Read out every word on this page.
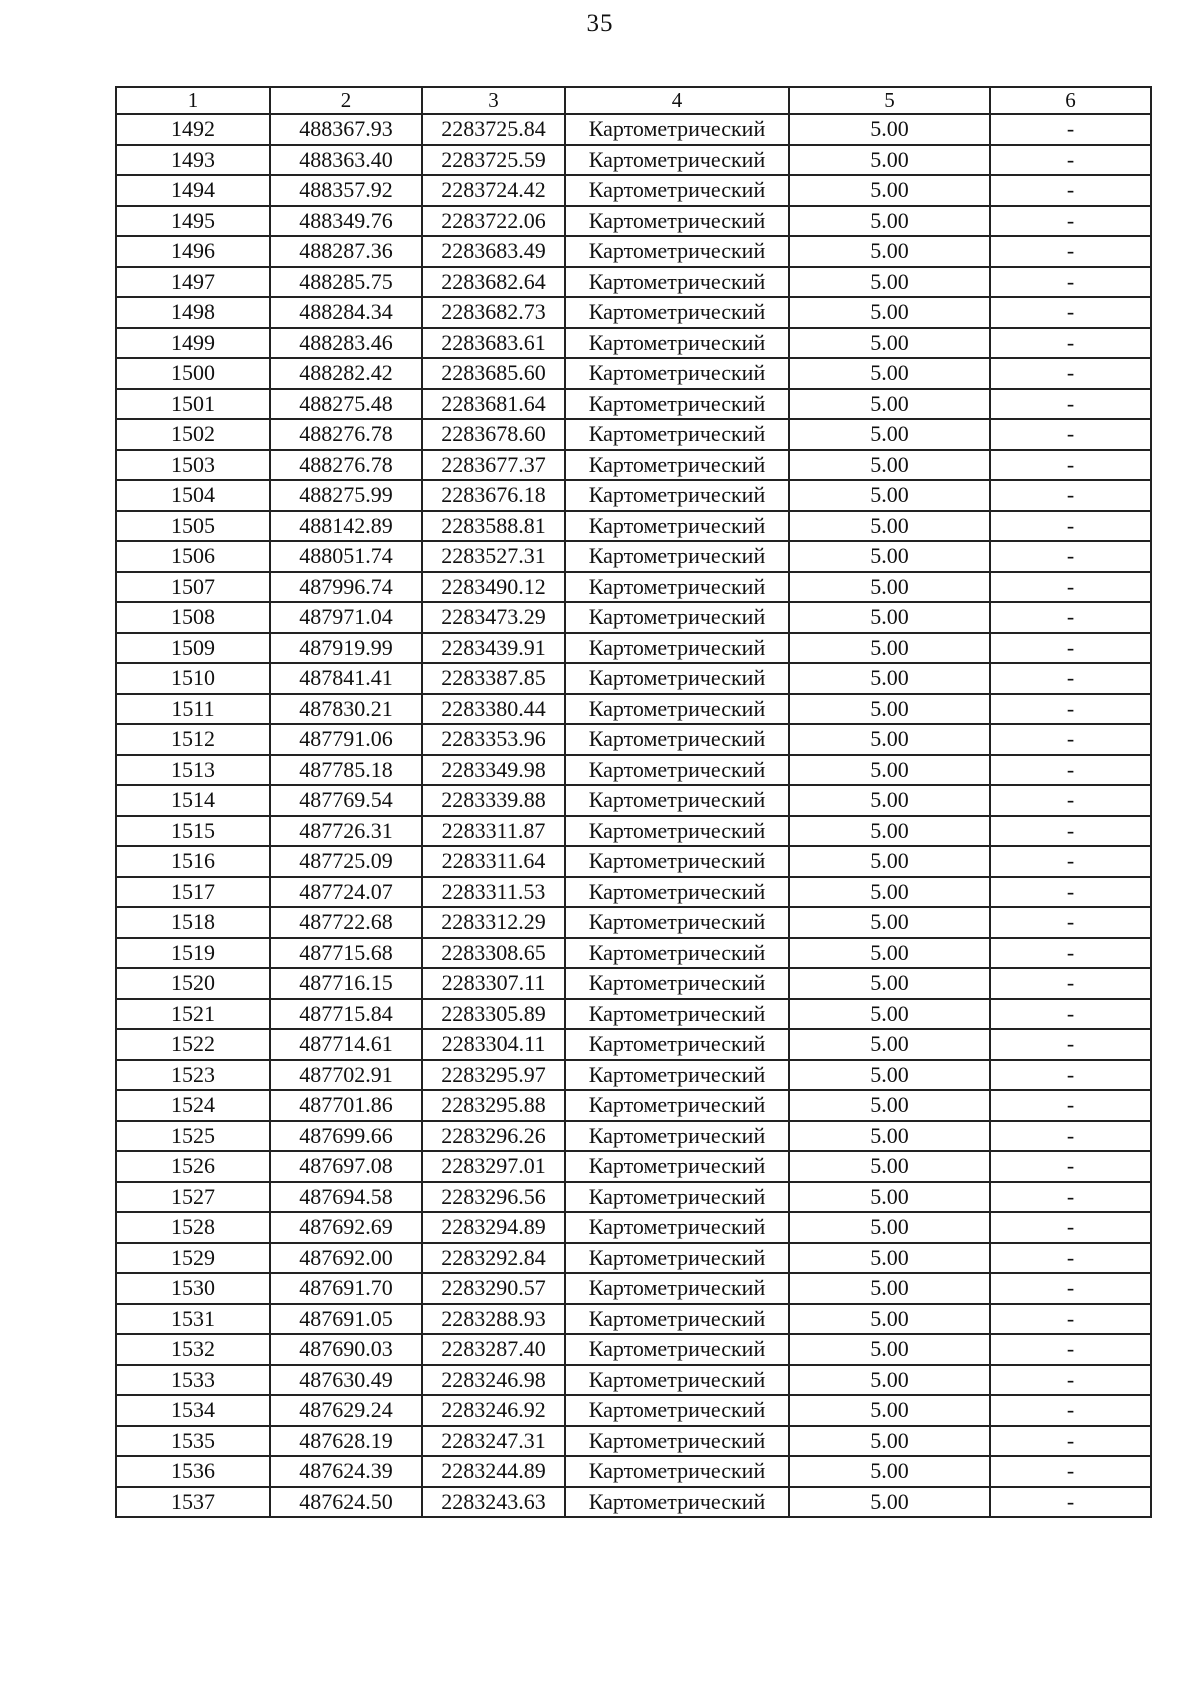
35
1	2	3	4	5	6
1492	488367.93	2283725.84	Картометрический	5.00	-
1493	488363.40	2283725.59	Картометрический	5.00	-
1494	488357.92	2283724.42	Картометрический	5.00	-
1495	488349.76	2283722.06	Картометрический	5.00	-
1496	488287.36	2283683.49	Картометрический	5.00	-
1497	488285.75	2283682.64	Картометрический	5.00	-
1498	488284.34	2283682.73	Картометрический	5.00	-
1499	488283.46	2283683.61	Картометрический	5.00	-
1500	488282.42	2283685.60	Картометрический	5.00	-
1501	488275.48	2283681.64	Картометрический	5.00	-
1502	488276.78	2283678.60	Картометрический	5.00	-
1503	488276.78	2283677.37	Картометрический	5.00	-
1504	488275.99	2283676.18	Картометрический	5.00	-
1505	488142.89	2283588.81	Картометрический	5.00	-
1506	488051.74	2283527.31	Картометрический	5.00	-
1507	487996.74	2283490.12	Картометрический	5.00	-
1508	487971.04	2283473.29	Картометрический	5.00	-
1509	487919.99	2283439.91	Картометрический	5.00	-
1510	487841.41	2283387.85	Картометрический	5.00	-
1511	487830.21	2283380.44	Картометрический	5.00	-
1512	487791.06	2283353.96	Картометрический	5.00	-
1513	487785.18	2283349.98	Картометрический	5.00	-
1514	487769.54	2283339.88	Картометрический	5.00	-
1515	487726.31	2283311.87	Картометрический	5.00	-
1516	487725.09	2283311.64	Картометрический	5.00	-
1517	487724.07	2283311.53	Картометрический	5.00	-
1518	487722.68	2283312.29	Картометрический	5.00	-
1519	487715.68	2283308.65	Картометрический	5.00	-
1520	487716.15	2283307.11	Картометрический	5.00	-
1521	487715.84	2283305.89	Картометрический	5.00	-
1522	487714.61	2283304.11	Картометрический	5.00	-
1523	487702.91	2283295.97	Картометрический	5.00	-
1524	487701.86	2283295.88	Картометрический	5.00	-
1525	487699.66	2283296.26	Картометрический	5.00	-
1526	487697.08	2283297.01	Картометрический	5.00	-
1527	487694.58	2283296.56	Картометрический	5.00	-
1528	487692.69	2283294.89	Картометрический	5.00	-
1529	487692.00	2283292.84	Картометрический	5.00	-
1530	487691.70	2283290.57	Картометрический	5.00	-
1531	487691.05	2283288.93	Картометрический	5.00	-
1532	487690.03	2283287.40	Картометрический	5.00	-
1533	487630.49	2283246.98	Картометрический	5.00	-
1534	487629.24	2283246.92	Картометрический	5.00	-
1535	487628.19	2283247.31	Картометрический	5.00	-
1536	487624.39	2283244.89	Картометрический	5.00	-
1537	487624.50	2283243.63	Картометрический	5.00	-
